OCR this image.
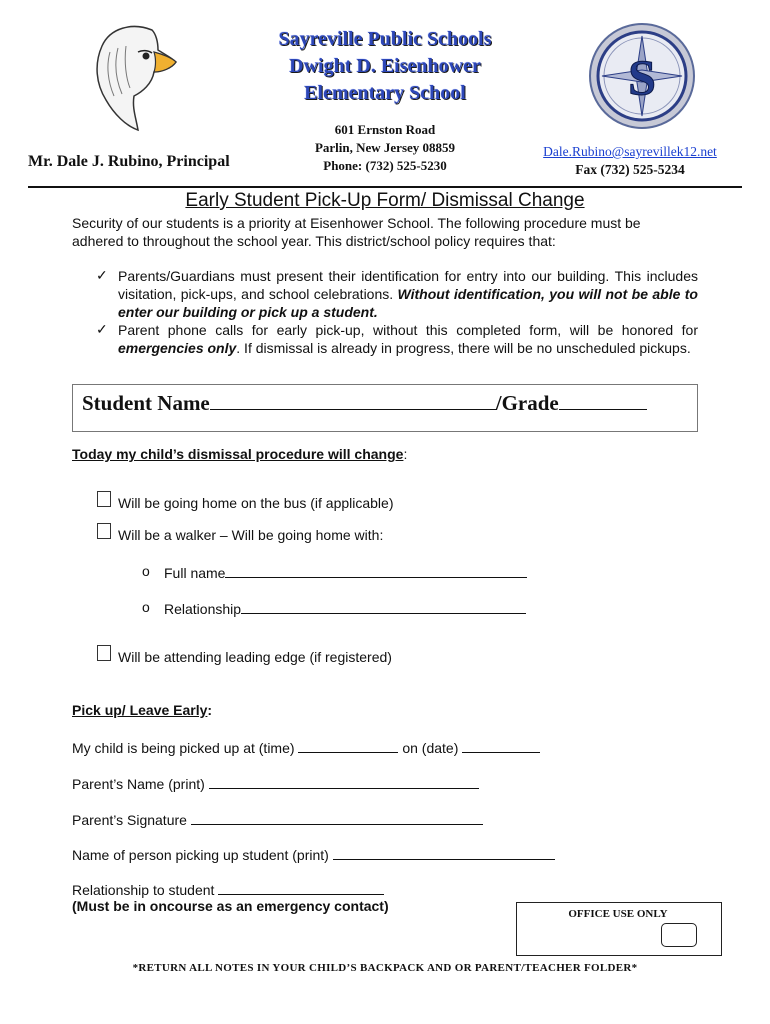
S
Sayreville Public Schools
Dwight D. Eisenhower
Elementary School
Mr. Dale J. Rubino, Principal
601 Ernston Road
Parlin, New Jersey 08859
Phone: (732) 525-5230
Dale.Rubino@sayrevillek12.net
Fax (732) 525-5234
Early Student Pick-Up Form/ Dismissal Change
Security of our students is a priority at Eisenhower School. The following procedure must be
adhered to throughout the school year. This district/school policy requires that:
✓ Parents/Guardians must present their identification for entry into our building. This includes visitation, pick-ups, and school celebrations. Without identification, you will not be able to enter our building or pick up a student.
✓ Parent phone calls for early pick-up, without this completed form, will be honored for emergencies only. If dismissal is already in progress, there will be no unscheduled pickups.
Student Name	/Grade
Today my child’s dismissal procedure will change:
Will be going home on the bus (if applicable)
Will be a walker – Will be going home with:
o Full name
o Relationship
Will be attending leading edge (if registered)
Pick up/ Leave Early:
My child is being picked up at (time)	on (date)
Parent’s Name (print)
Parent’s Signature
Name of person picking up student (print)
Relationship to student
(Must be in oncourse as an emergency contact)	OFFICE USE ONLY
*RETURN ALL NOTES IN YOUR CHILD’S BACKPACK AND OR PARENT/TEACHER FOLDER*
